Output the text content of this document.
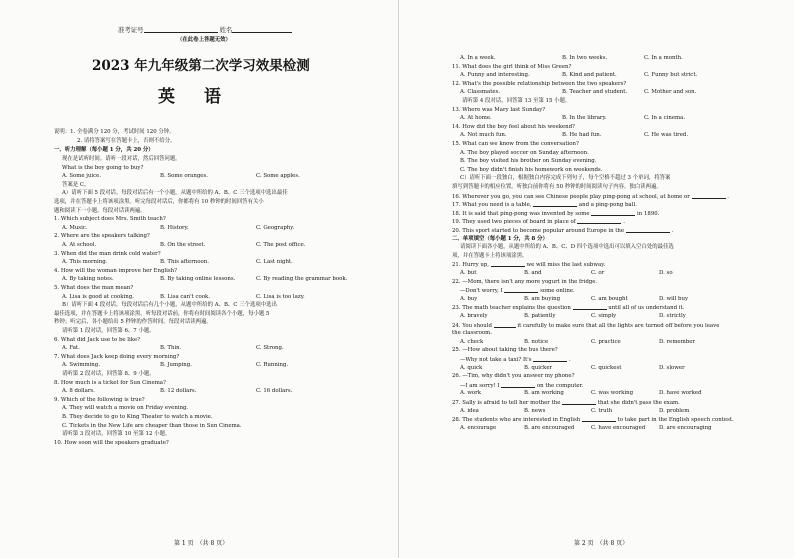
准考证号	姓名
（在此卷上答题无效）
2023 年九年级第二次学习效果检测
英　语
说明：1. 全卷满分 120 分，考试时间 120 分钟。
2. 请将答案写在答题卡上，否则不给分。
一、听力理解（每小题 1 分，共 20 分）
现在是试听时间。请听一段对话，然后回答问题。
What is the boy going to buy?
A. Some juice.	B. Some oranges.	C. Some apples.
答案是 C。
A）请听下面 5 段对话。每段对话后有一个小题，从题中所给的 A、B、C 三个选项中选出最佳
选项，并在答题卡上将该项涂黑。听完每段对话后，你都将有 10 秒钟的时间回答有关小
题和阅读下一小题。每段对话读两遍。
1. Which subject does Mrs. Smith teach?
A. Music.	B. History.	C. Geography.
2. Where are the speakers talking?
A. At school.	B. On the street.	C. The post office.
3. When did the man drink cold water?
A. This morning.	B. This afternoon.	C. Last night.
4. How will the woman improve her English?
A. By taking notes.	B. By taking online lessons.	C. By reading the grammar book.
5. What does the man mean?
A. Lisa is good at cooking.	B. Lisa can't cook.	C. Lisa is too lazy.
B）请听下面 4 段对话。每段对话后有几个小题，从题中所给的 A、B、C 三个选项中选出
最佳选项，并在答题卡上将该项涂黑。听每段对话前，你将有时间阅读各个小题，每小题 5
秒钟；听完后，各小题给出 5 秒钟的作答时间。每段对话读两遍。
请听第 1 段对话，回答第 6、7 小题。
6. What did Jack use to be like?
A. Fat.	B. Thin.	C. Strong.
7. What does Jack keep doing every morning?
A. Swimming.	B. Jumping.	C. Running.
请听第 2 段对话，回答第 8、9 小题。
8. How much is a ticket for Sun Cinema?
A. 8 dollars.	B. 12 dollars.	C. 16 dollars.
9. Which of the following is true?
A. They will watch a movie on Friday evening.
B. They decide to go to King Theater to watch a movie.
C. Tickets in the New Life are cheaper than those in Sun Cinema.
请听第 3 段对话，回答第 10 至第 12 小题。
10. How soon will the speakers graduate?
第 1 页　（共 8 页）
A. In a week.	B. In two weeks.	C. In a month.
11. What does the girl think of Miss Green?
A. Funny and interesting.	B. Kind and patient.	C. Funny but strict.
12. What's the possible relationship between the two speakers?
A. Classmates.	B. Teacher and student.	C. Mother and son.
请听第 4 段对话，回答第 13 至第 15 小题。
13. Where was Mary last Sunday?
A. At home.	B. In the library.	C. In a cinema.
14. How did the boy feel about his weekend?
A. Not much fun.	B. He had fun.	C. He was tired.
15. What can we know from the conversation?
A. The boy played soccer on Sunday afternoon.
B. The boy visited his brother on Sunday evening.
C. The boy didn't finish his homework on weekends.
C）请听下面一段独白，根据独白内容完成下列句子，每个空格不超过 3 个单词，将答案
填写到答题卡的相应位置。听独白前你将有 50 秒钟的时间阅读句子内容。独白读两遍。
16. Wherever you go, you can see Chinese people play ping-pong at school, at home or	.
17. What you need is a table,	and a ping-pong ball.
18. It is said that ping-pong was invented by some	in 1890.
19. They used two pieces of board in place of	.
20. This sport started to become popular around Europe in the	.
二、单项填空（每小题 1 分，共 8 分）
请阅读下面各小题，从题中所给的 A、B、C、D 四个选项中选出可以填入空白处的最佳选
项，并在答题卡上将该项涂黑。
21. Hurry up,	we will miss the last subway.
A. but	B. and	C. or	D. so
22. —Mom, there isn't any more yogurt in the fridge.
—Don't worry, I	some online.
A. buy	B. am buying	C. am bought	D. will buy
23. The math teacher explains the question	until all of us understand it.
A. bravely	B. patiently	C. simply	D. strictly
24. You should	it carefully to make sure that all the lights are turned off before you leave
the classroom.
A. check	B. notice	C. practice	D. remember
25. —How about taking the bus there?
—Why not take a taxi? It's	.
A. quick	B. quicker	C. quickest	D. slower
26. —Tim, why didn't you answer my phone?
—I am sorry! I	on the computer.
A. work	B. am working	C. was working	D. have worked
27. Sally is afraid to tell her mother the	that she didn't pass the exam.
A. idea	B. news	C. truth	D. problem
28. The students who are interested in English	to take part in the English speech contest.
A. encourage	B. are encouraged	C. have encouraged	D. are encouraging
第 2 页　（共 8 页）
